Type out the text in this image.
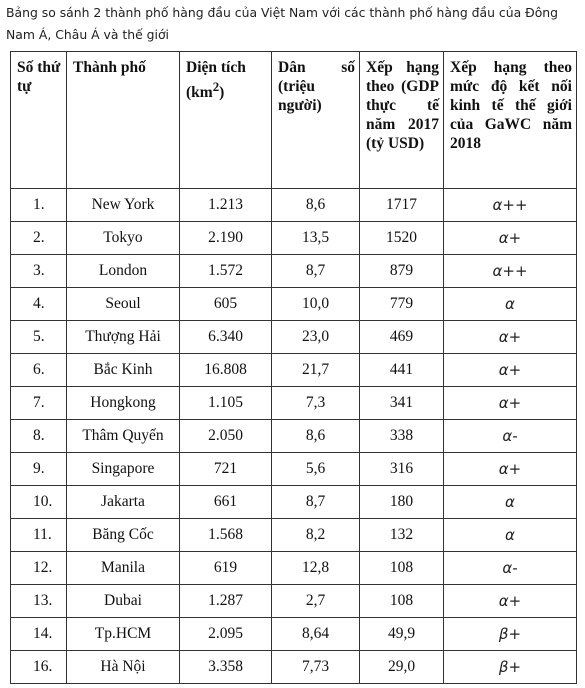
Bảng so sánh 2 thành phố hàng đầu của Việt Nam với các thành phố hàng đầu của Đông Nam Á, Châu Á và thế giới
Số thứ tự	Thành phố	Diện tích $(km^2)$	Dân số (triệu người)	Xếp hạng theo (GDP thực tế năm 2017 (tỷ USD)	Xếp hạng theo mức độ kết nối kinh tế thế giới của GaWC năm 2018
1.	New York	1.213	8,6	1717	α++
2.	Tokyo	2.190	13,5	1520	α+
3.	London	1.572	8,7	879	α++
4.	Seoul	605	10,0	779	α
5.	Thượng Hải	6.340	23,0	469	α+
6.	Bắc Kinh	16.808	21,7	441	α+
7.	Hongkong	1.105	7,3	341	α+
8.	Thâm Quyến	2.050	8,6	338	α-
9.	Singapore	721	5,6	316	α+
10.	Jakarta	661	8,7	180	α
11.	Băng Cốc	1.568	8,2	132	α
12.	Manila	619	12,8	108	α-
13.	Dubai	1.287	2,7	108	α+
14.	Tp.HCM	2.095	8,64	49,9	β+
16.	Hà Nội	3.358	7,73	29,0	β+
